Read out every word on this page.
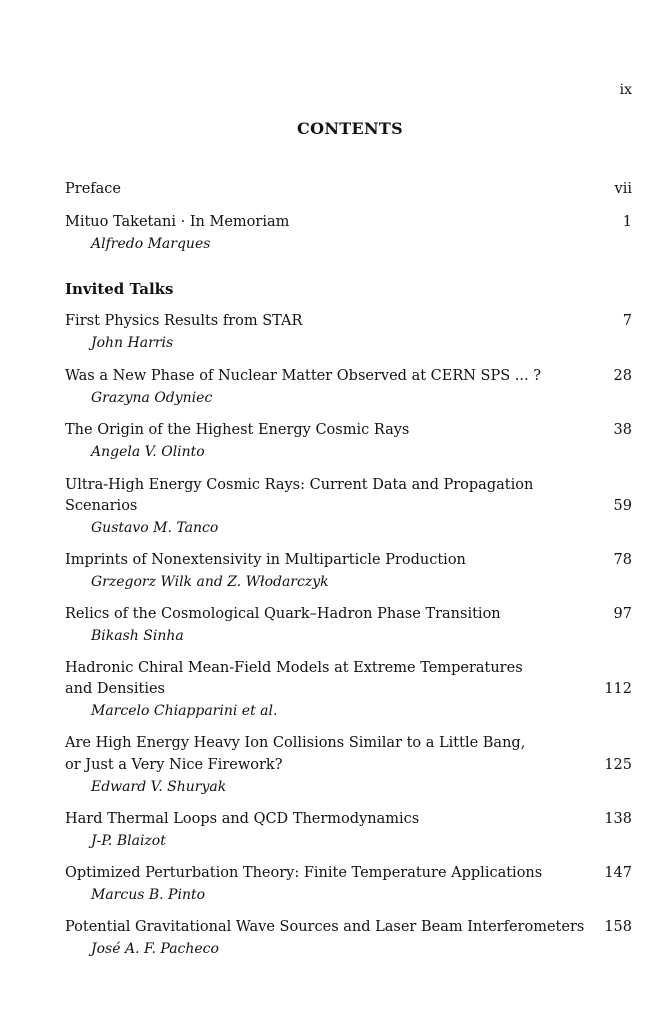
ix
CONTENTS
Preface	vii
Mituo Taketani · In Memoriam	1
Alfredo Marques
Invited Talks
First Physics Results from STAR	7
John Harris
Was a New Phase of Nuclear Matter Observed at CERN SPS ... ?	28
Grazyna Odyniec
The Origin of the Highest Energy Cosmic Rays	38
Angela V. Olinto
Ultra-High Energy Cosmic Rays: Current Data and Propagation
Scenarios	59
Gustavo M. Tanco
Imprints of Nonextensivity in Multiparticle Production	78
Grzegorz Wilk and Z. Włodarczyk
Relics of the Cosmological Quark–Hadron Phase Transition	97
Bikash Sinha
Hadronic Chiral Mean-Field Models at Extreme Temperatures
and Densities	112
Marcelo Chiapparini et al.
Are High Energy Heavy Ion Collisions Similar to a Little Bang,
or Just a Very Nice Firework?	125
Edward V. Shuryak
Hard Thermal Loops and QCD Thermodynamics	138
J-P. Blaizot
Optimized Perturbation Theory: Finite Temperature Applications	147
Marcus B. Pinto
Potential Gravitational Wave Sources and Laser Beam Interferometers 158
José A. F. Pacheco
